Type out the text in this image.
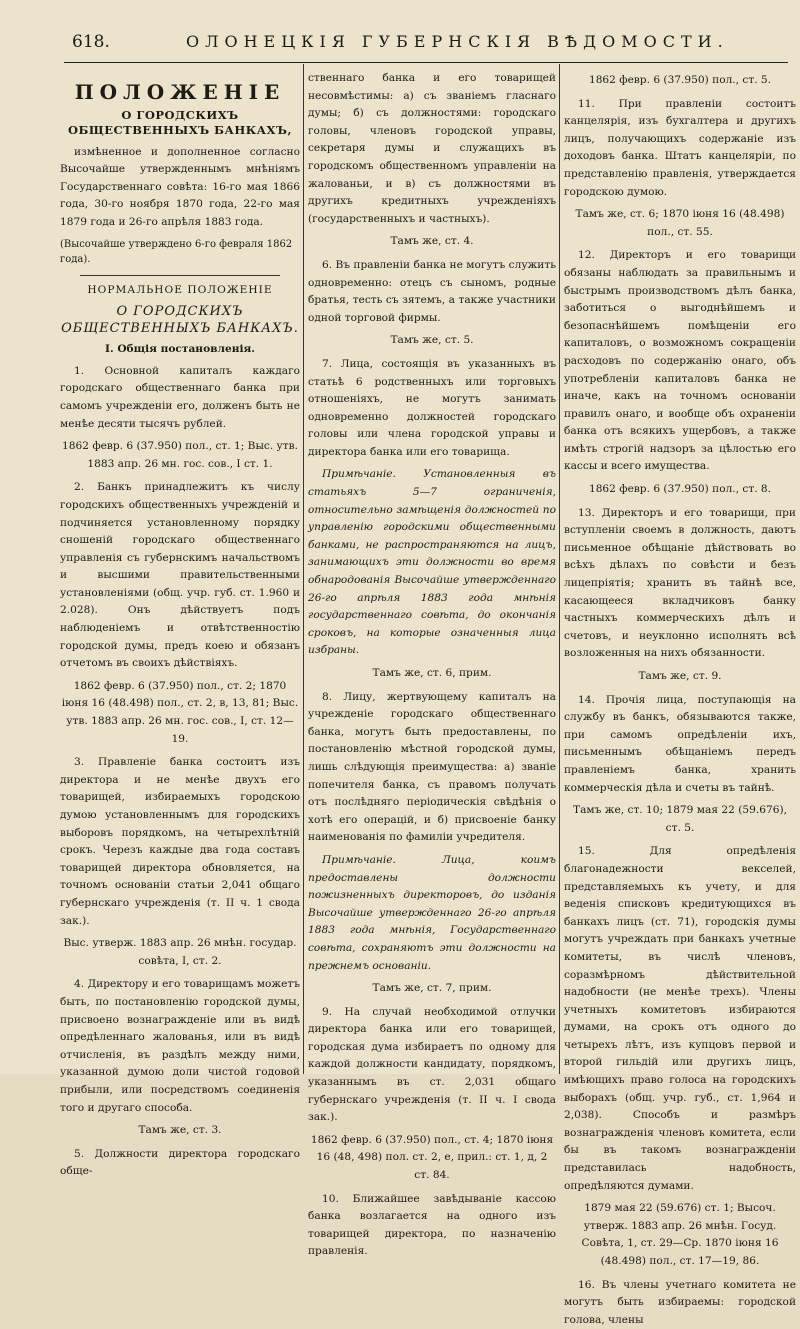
618.	ОЛОНЕЦКІЯ ГУБЕРНСКІЯ ВѢДОМОСТИ.
ПОЛОЖЕНІЕ
О ГОРОДСКИХЪ ОБЩЕСТВЕННЫХЪ БАНКАХЪ,

измѣненное и дополненное согласно Высочайше утвержденнымъ мнѣніямъ Государственнаго совѣта: 16-го мая 1866 года, 30-го ноября 1870 года, 22-го мая 1879 года и 26-го апрѣля 1883 года.

(Высочайше утверждено 6-го февраля 1862 года).

НОРМАЛЬНОЕ ПОЛОЖЕНІЕ
О ГОРОДСКИХЪ ОБЩЕСТВЕННЫХЪ БАНКАХЪ.
I. Общія постановленія.

1. Основной капиталъ каждаго городскаго общественнаго банка при самомъ учрежденіи его, долженъ быть не менѣе десяти тысячъ рублей.

1862 февр. 6 (37.950) пол., ст. 1; Выс. утв. 1883 апр. 26 мн. гос. сов., I ст. 1.

2. Банкъ принадлежитъ къ числу городскихъ общественныхъ учрежденій и подчиняется установленному порядку сношеній городскаго общественнаго управленія съ губернскимъ начальствомъ и высшими правительственными установленіями (общ. учр. губ. ст. 1.960 и 2.028). Онъ дѣйствуетъ подъ наблюденіемъ и отвѣтственностію городской думы, предъ коею и обязанъ отчетомъ въ своихъ дѣйствіяхъ.

1862 февр. 6 (37.950) пол., ст. 2; 1870 іюня 16 (48.498) пол., ст. 2, в, 13, 81; Выс. утв. 1883 апр. 26 мн. гос. сов., I, ст. 12—19.

3. Правленіе банка состоитъ изъ директора и не менѣе двухъ его товарищей, избираемыхъ городскою думою установленнымъ для городскихъ выборовъ порядкомъ, на четырехлѣтній срокъ. Черезъ каждые два года составъ товарищей директора обновляется, на точномъ основаніи статьи 2,041 общаго губернскаго учрежденія (т. II ч. 1 свода зак.).

Выс. утверж. 1883 апр. 26 мнѣн. государ. совѣта, I, ст. 2.

4. Директору и его товарищамъ можетъ быть, по постановленію городской думы, присвоено вознагражденіе или въ видѣ опредѣленнаго жалованья, или въ видѣ отчисленія, въ раздѣлъ между ними, указанной думою доли чистой годовой прибыли, или посредствомъ соединенія того и другаго способа.

Тамъ же, ст. 3.

5. Должности директора городскаго обще-

ственнаго банка и его товарищей несовмѣстимы: а) съ званіемъ гласнаго думы; б) съ должностями: городскаго головы, членовъ городской управы, секретаря думы и служащихъ въ городскомъ общественномъ управленіи на жалованьи, и в) съ должностями въ другихъ кредитныхъ учрежденіяхъ (государственныхъ и частныхъ).

Тамъ же, ст. 4.

6. Въ правленіи банка не могутъ служить одновременно: отецъ съ сыномъ, родные братья, тесть съ зятемъ, а также участники одной торговой фирмы.

Тамъ же, ст. 5.

7. Лица, состоящія въ указанныхъ въ статьѣ 6 родственныхъ или торговыхъ отношеніяхъ, не могутъ занимать одновременно должностей городскаго головы или члена городской управы и директора банка или его товарища.

Примѣчаніе. Установленныя въ статьяхъ 5—7 ограниченія, относительно замѣщенія должностей по управленію городскими общественными банками, не распространяются на лицъ, занимающихъ эти должности во время обнародованія Высочайше утвержденнаго 26-го апрѣля 1883 года мнѣнія государственнаго совѣта, до окончанія сроковъ, на которые означенныя лица избраны.

Тамъ же, ст. 6, прим.

8. Лицу, жертвующему капиталъ на учрежденіе городскаго общественнаго банка, могутъ быть предоставлены, по постановленію мѣстной городской думы, лишь слѣдующія преимущества: а) званіе попечителя банка, съ правомъ получать отъ послѣдняго періодическія свѣдѣнія о хотѣ его операцій, и б) присвоеніе банку наименованія по фамиліи учредителя.

Примѣчаніе. Лица, коимъ предоставлены должности пожизненныхъ директоровъ, до изданія Высочайше утвержденнаго 26-го апрѣля 1883 года мнѣнія, Государственнаго совѣта, сохраняютъ эти должности на прежнемъ основаніи.

Тамъ же, ст. 7, прим.

9. На случай необходимой отлучки директора банка или его товарищей, городская дума избираетъ по одному для каждой должности кандидату, порядкомъ, указаннымъ въ ст. 2,031 общаго губернскаго учрежденія (т. II ч. I свода зак.).

1862 февр. 6 (37.950) пол., ст. 4; 1870 іюня 16 (48, 498) пол. ст. 2, е, прил.: ст. 1, д, 2 ст. 84.

10. Ближайшее завѣдываніе кассою банка возлагается на одного изъ товарищей директора, по назначенію правленія.

1862 февр. 6 (37.950) пол., ст. 5.

11. При правленіи состоитъ канцелярія, изъ бухгалтера и другихъ лицъ, получающихъ содержаніе изъ доходовъ банка. Штатъ канцеляріи, по представленію правленія, утверждается городскою думою.

Тамъ же, ст. 6; 1870 іюня 16 (48.498) пол., ст. 55.

12. Директоръ и его товарищи обязаны наблюдать за правильнымъ и быстрымъ производствомъ дѣлъ банка, заботиться о выгоднѣйшемъ и безопаснѣйшемъ помѣщеніи его капиталовъ, о возможномъ сокращеніи расходовъ по содержанію онаго, объ употребленіи капиталовъ банка не иначе, какъ на точномъ основаніи правилъ онаго, и вообще объ охраненіи банка отъ всякихъ ущербовъ, а также имѣть строгій надзоръ за цѣлостью его кассы и всего имущества.

1862 февр. 6 (37.950) пол., ст. 8.

13. Директоръ и его товарищи, при вступленіи своемъ в должность, даютъ письменное обѣщаніе дѣйствовать во всѣхъ дѣлахъ по совѣсти и безъ лицепріятія; хранить въ тайнѣ все, касающееся вкладчиковъ банку частныхъ коммерческихъ дѣлъ и счетовъ, и неуклонно исполнять всѣ возложенныя на нихъ обязанности.

Тамъ же, ст. 9.

14. Прочія лица, поступающія на службу въ банкъ, обязываются также, при самомъ опредѣленіи ихъ, письменнымъ обѣщаніемъ передъ правленіемъ банка, хранить коммерческія дѣла и счеты въ тайнѣ.

Тамъ же, ст. 10; 1879 мая 22 (59.676), ст. 5.

15. Для опредѣленія благонадежности векселей, представляемыхъ къ учету, и для веденія списковъ кредитующихся въ банкахъ лицъ (ст. 71), городскія думы могутъ учреждать при банкахъ учетные комитеты, въ числѣ членовъ, соразмѣрномъ дѣйствительной надобности (не менѣе трехъ). Члены учетныхъ комитетовъ избираются думами, на срокъ отъ одного до четырехъ лѣтъ, изъ купцовъ первой и второй гильдій или другихъ лицъ, имѣющихъ право голоса на городскихъ выборахъ (общ. учр. губ., ст. 1,964 и 2,038). Способъ и размѣръ вознагражденія членовъ комитета, если бы въ такомъ вознагражденіи представилась надобность, опредѣляются думами.

1879 мая 22 (59.676) ст. 1; Высоч. утверж. 1883 апр. 26 мнѣн. Госуд. Совѣта, 1, ст. 29—Ср. 1870 іюня 16 (48.498) пол., ст. 17—19, 86.

16. Въ члены учетнаго комитета не могутъ быть избираемы: городской голова, члены
